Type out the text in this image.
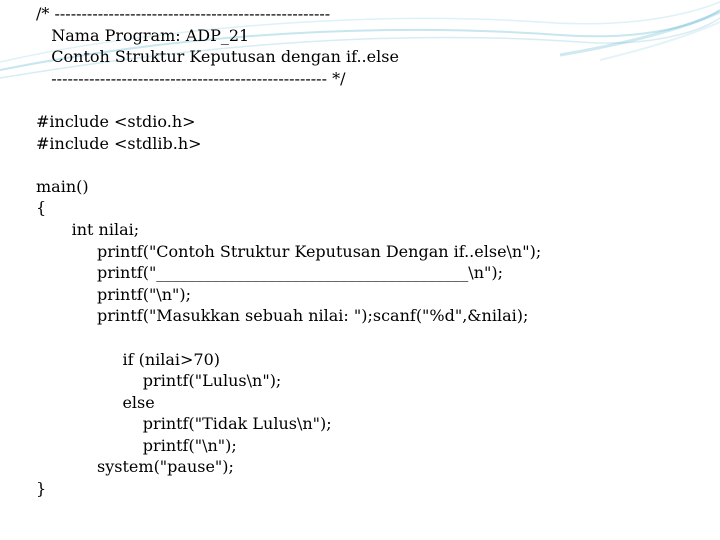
/* ---------------------------------------------------
Nama Program: ADP_21
Contoh Struktur Keputusan dengan if..else
--------------------------------------------------- */
#include <stdio.h>
#include <stdlib.h>
main()
{
int nilai;
printf("Contoh Struktur Keputusan Dengan if..else\n");
printf("_______________________________________\n");
printf("\n");
printf("Masukkan sebuah nilai: ");scanf("%d",&nilai);
if (nilai>70)
printf("Lulus\n");
else
printf("Tidak Lulus\n");
printf("\n");
system("pause");
}
